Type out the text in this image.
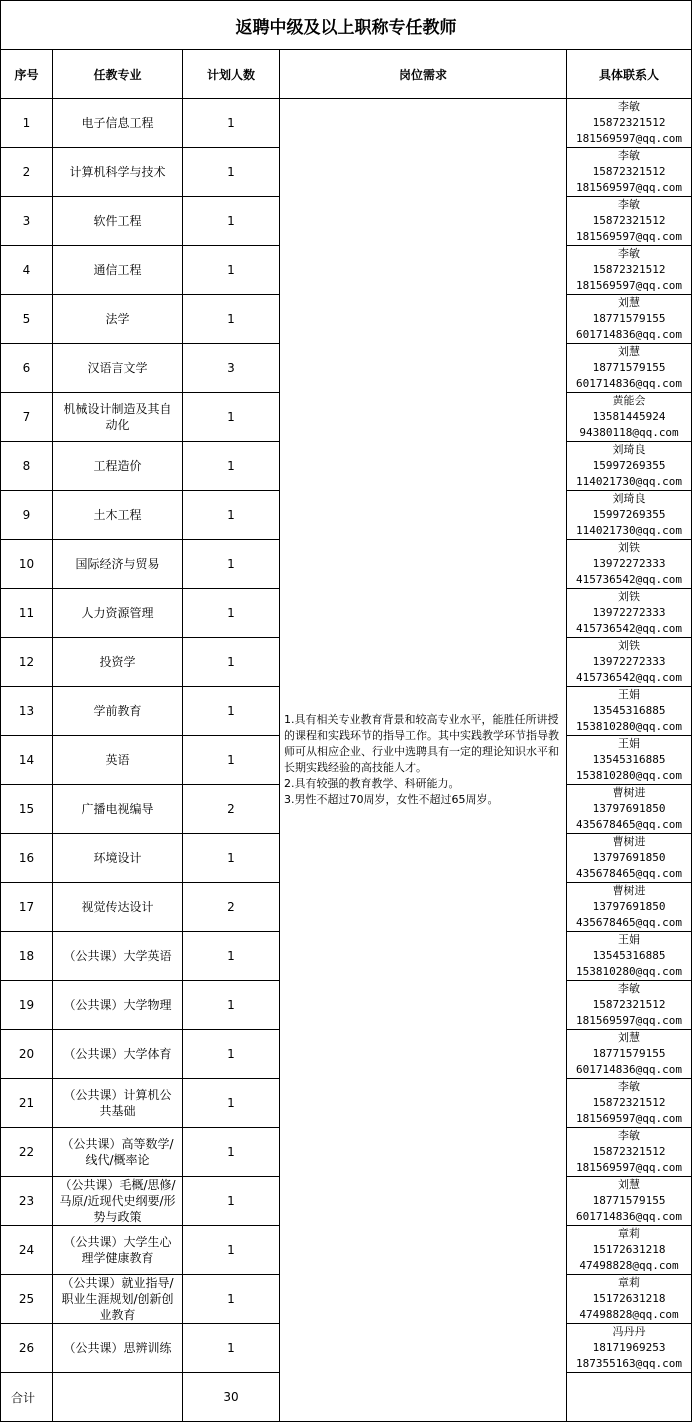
返聘中级及以上职称专任教师				
序号	任教专业	计划人数	岗位需求	具体联系人
1	电子信息工程	1	1.具有相关专业教育背景和较高专业水平，能胜任所讲授的课程和实践环节的指导工作。其中实践教学环节指导教师可从相应企业、行业中选聘具有一定的理论知识水平和长期实践经验的高技能人才。
2.具有较强的教育教学、科研能力。
3.男性不超过70周岁，女性不超过65周岁。	李敏
15872321512
181569597@qq.com
2	计算机科学与技术	1		李敏
15872321512
181569597@qq.com
3	软件工程	1		李敏
15872321512
181569597@qq.com
4	通信工程	1		李敏
15872321512
181569597@qq.com
5	法学	1		刘慧
18771579155
601714836@qq.com
6	汉语言文学	3		刘慧
18771579155
601714836@qq.com
7	机械设计制造及其自动化	1		黄能会
13581445924
94380118@qq.com
8	工程造价	1		刘琦良
15997269355
114021730@qq.com
9	土木工程	1		刘琦良
15997269355
114021730@qq.com
10	国际经济与贸易	1		刘铁
13972272333
415736542@qq.com
11	人力资源管理	1		刘铁
13972272333
415736542@qq.com
12	投资学	1		刘铁
13972272333
415736542@qq.com
13	学前教育	1		王娟
13545316885
153810280@qq.com
14	英语	1		王娟
13545316885
153810280@qq.com
15	广播电视编导	2		曹树进
13797691850
435678465@qq.com
16	环境设计	1		曹树进
13797691850
435678465@qq.com
17	视觉传达设计	2		曹树进
13797691850
435678465@qq.com
18	（公共课）大学英语	1		王娟
13545316885
153810280@qq.com
19	（公共课）大学物理	1		李敏
15872321512
181569597@qq.com
20	（公共课）大学体育	1		刘慧
18771579155
601714836@qq.com
21	（公共课）计算机公共基础	1		李敏
15872321512
181569597@qq.com
22	（公共课）高等数学/线代/概率论	1		李敏
15872321512
181569597@qq.com
23	（公共课）毛概/思修/马原/近现代史纲要/形势与政策	1		刘慧
18771579155
601714836@qq.com
24	（公共课）大学生心理学健康教育	1		章莉
15172631218
47498828@qq.com
25	（公共课）就业指导/职业生涯规划/创新创业教育	1		章莉
15172631218
47498828@qq.com
26	（公共课）思辨训练	1		冯丹丹
18171969253
187355163@qq.com
合计		30		
